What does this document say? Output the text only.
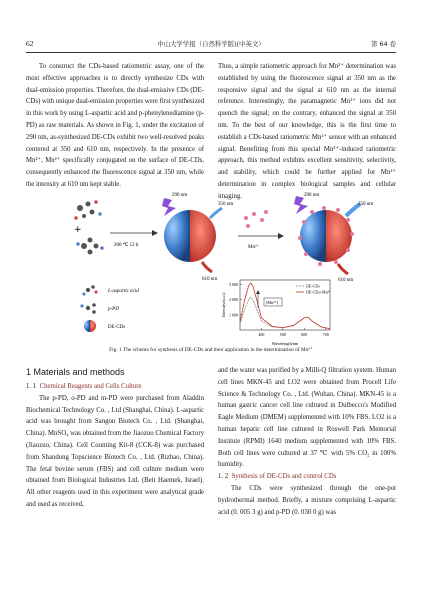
62	中山大学学报（自然科学版)(中英文）	第 64 卷

To construct the CDs-based ratiometric assay, one of the most effective approaches is to directly synthesize CDs with dual-emission properties. Therefore, the dual-emissive CDs (DE-CDs) with unique dual-emission properties were first synthesized in this work by using L-aspartic acid and p-phenylenediamine (p-PD) as raw materials. As shown in Fig. 1, under the excitation of 290 nm, as-synthesized DE-CDs exhibit two well-resolved peaks centered at 350 and 610 nm, respectively. In the presence of Mn²⁺, Mn²⁺ specifically conjugated on the surface of DE-CDs, consequently enhanced the fluorescence signal at 350 nm, while the intensity at 610 nm kept stable.

Thus, a simple ratiometric approach for Mn²⁺ determination was established by using the fluorescence signal at 350 nm as the responsive signal and the signal at 610 nm as the internal reference. Interestingly, the paramagnetic Mn²⁺ ions did not quench the signal; on the contrary, enhanced the signal at 350 nm. To the best of our knowledge, this is the first time to establish a CDs-based ratiometric Mn²⁺ sensor with an enhanced signal. Benefiting from this special Mn²⁺-induced ratiometric approach, this method exhibits excellent sensitivity, selectivity, and stability, which could be further applied for Mn²⁺ determination in complex biological samples and cellular imaging.

+
200 ℃ 12 h
290 nm
350 nm
610 nm
Mn²⁺
290 nm
350 nm
610 nm
L-aspartic acid
p-PD
DE-CDs
1 000
2 000
3 000
400	500	600	700
Intensity/(a.u.)
Wavelength/nm
DE-CDs
DE-CDs+Mn²⁺
[Mn²⁺]
Fig. 1 The scheme for synthesis of DE-CDs and their application in the determination of Mn²⁺
1 Materials and methods
1. 1 Chemical Reagents and Cells Culture

The p-PD, o-PD and m-PD were purchased from Aladdin Biochemical Technology Co. , Ltd (Shanghai, China). L-aspartic acid was brought from Sangon Biotech Co. , Ltd. (Shanghai, China). MnSO₄ was obtained from the Jiaozuo Chemical Factory (Jiaozuo, China). Cell Counting Kit-8 (CCK-8) was purchased from Shandong Topscience Biotech Co. , Ltd. (Rizhao, China). The fetal bovine serum (FBS) and cell culture medium were obtained from Biological Industries Ltd. (Beit Haemek, Israel). All other reagents used in this experiment were analytical grade and used as received,

and the water was purified by a Milli-Q filtration system. Human cell lines MKN-45 and LO2 were obtained from Procell Life Science & Technology Co. , Ltd. (Wuhan, China). MKN-45 is a human gastric cancer cell line cultured in Dulbecco's Modified Eagle Medium (DMEM) supplemented with 10% FBS. LO2 is a human hepatic cell line cultured in Roswell Park Memorial Institute (RPMI) 1640 medium supplemented with 10% FBS. Both cell lines were cultured at 37 ℃ with 5% CO₂ in 100% humidity.

1. 2 Synthesis of DE-CDs and control CDs

The CDs were synthesized through the one-pot hydrothermal method. Briefly, a mixture comprising L-aspartic acid (0. 005 3 g) and p-PD (0. 030 0 g) was
